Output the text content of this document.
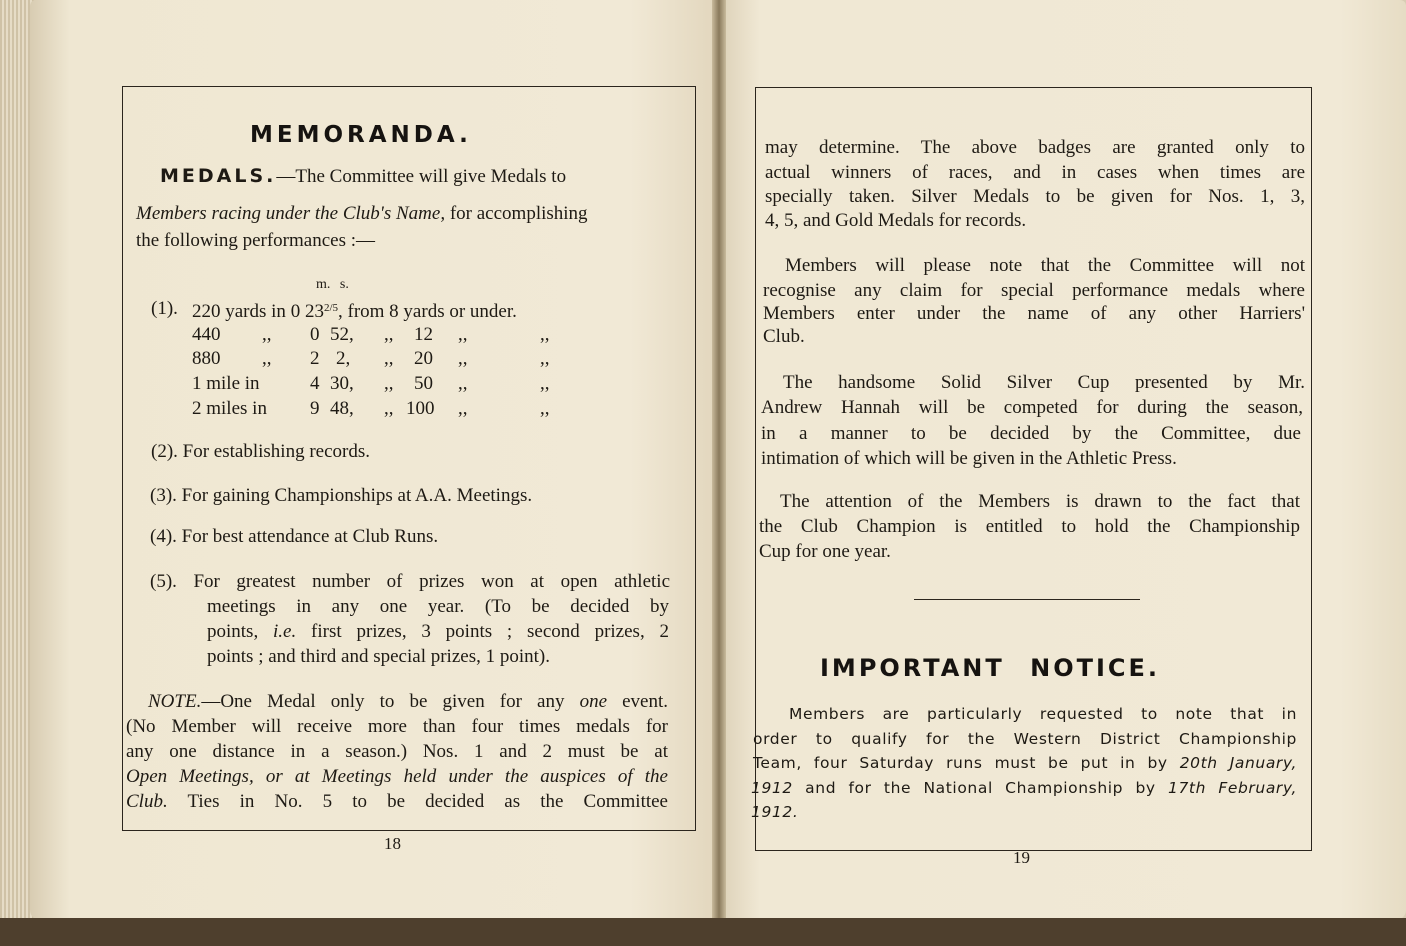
MEMORANDA.
MEDALS.—The Committee will give Medals to
Members racing under the Club's Name, for accomplishing
the following performances :—
m. s.
(1). 220 yards in 0 $23^{2/5}$, from 8 yards or under.
440 ,, 0 52, ,, 12 ,,	,,
880 ,, 2 2, ,, 20 ,,	,,
1 mile in	4 30, ,, 50 ,,	,,
2 miles in 9 48, ,, 100 ,,	,,
(2). For establishing records.
(3). For gaining Championships at A.A. Meetings.
(4). For best attendance at Club Runs.
(5). For greatest number of prizes won at open athletic
meetings in any one year. (To be decided by
points, i.e. first prizes, 3 points ; second prizes, 2
points ; and third and special prizes, 1 point).
NOTE.—One Medal only to be given for any one event.
(No Member will receive more than four times medals for
any one distance in a season.) Nos. 1 and 2 must be at
Open Meetings, or at Meetings held under the auspices of the
Club. Ties in No. 5 to be decided as the Committee
18
may determine. The above badges are granted only to
actual winners of races, and in cases when times are
specially taken. Silver Medals to be given for Nos. 1, 3,
4, 5, and Gold Medals for records.
Members will please note that the Committee will not
recognise any claim for special performance medals where
Members enter under the name of any other Harriers'
Club.
The handsome Solid Silver Cup presented by Mr.
Andrew Hannah will be competed for during the season,
in a manner to be decided by the Committee, due
intimation of which will be given in the Athletic Press.
The attention of the Members is drawn to the fact that
the Club Champion is entitled to hold the Championship
Cup for one year.
IMPORTANT NOTICE.
Members are particularly requested to note that in
order to qualify for the Western District Championship
Team, four Saturday runs must be put in by 20th January,
1912 and for the National Championship by 17th February,
1912.
19
